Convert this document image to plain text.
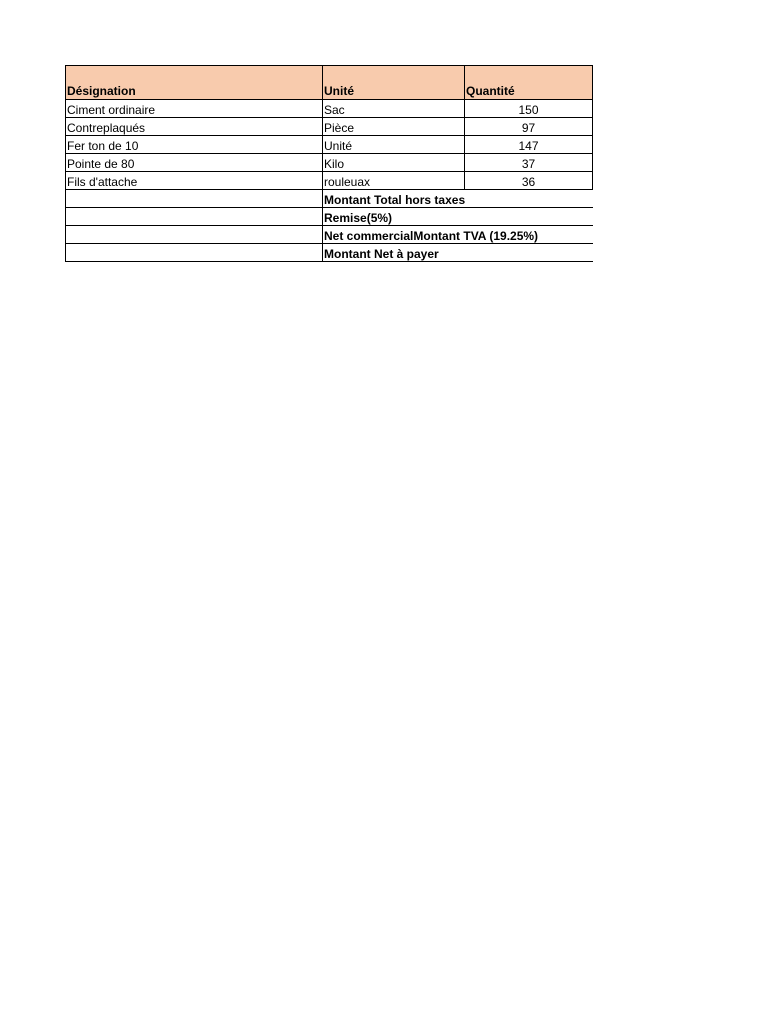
Désignation	Unité	Quantité
Ciment ordinaire	Sac	150
Contreplaqués	Pièce	97
Fer ton de 10	Unité	147
Pointe de 80	Kilo	37
Fils d'attache	rouleuax	36
	Montant Total hors taxes	
	Remise(5%)	
	Net commercialMontant TVA (19.25%)	
	Montant Net à payer	
